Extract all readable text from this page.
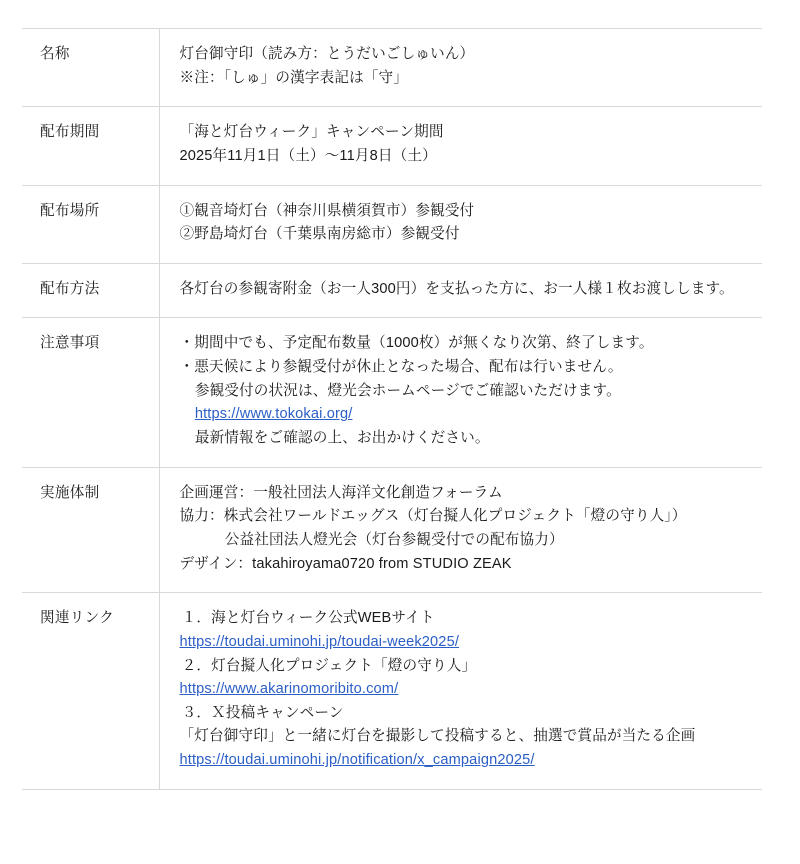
名称	灯台御守印（読み方：とうだいごしゅいん）
※注：「しゅ」の漢字表記は「守」

配布期間	「海と灯台ウィーク」キャンペーン期間
2025年11月1日（土）〜11月8日（土）

配布場所	①観音埼灯台（神奈川県横須賀市）参観受付
②野島埼灯台（千葉県南房総市）参観受付

配布方法	各灯台の参観寄附金（お一人300円）を支払った方に、お一人様１枚お渡しします。

注意事項	・期間中でも、予定配布数量（1000枚）が無くなり次第、終了します。
・悪天候により参観受付が休止となった場合、配布は行いません。
参観受付の状況は、燈光会ホームページでご確認いただけます。
https://www.tokokai.org/
最新情報をご確認の上、お出かけください。

実施体制	企画運営：一般社団法人海洋文化創造フォーラム
協力：株式会社ワールドエッグス（灯台擬人化プロジェクト「燈の守り人」）
公益社団法人燈光会（灯台参観受付での配布協力）
デザイン：takahiroyama0720 from STUDIO ZEAK

関連リンク	１．海と灯台ウィーク公式WEBサイト
https://toudai.uminohi.jp/toudai-week2025/
２．灯台擬人化プロジェクト「燈の守り人」
https://www.akarinomoribito.com/
３．Ｘ投稿キャンペーン
「灯台御守印」と一緒に灯台を撮影して投稿すると、抽選で賞品が当たる企画
https://toudai.uminohi.jp/notification/x_campaign2025/
